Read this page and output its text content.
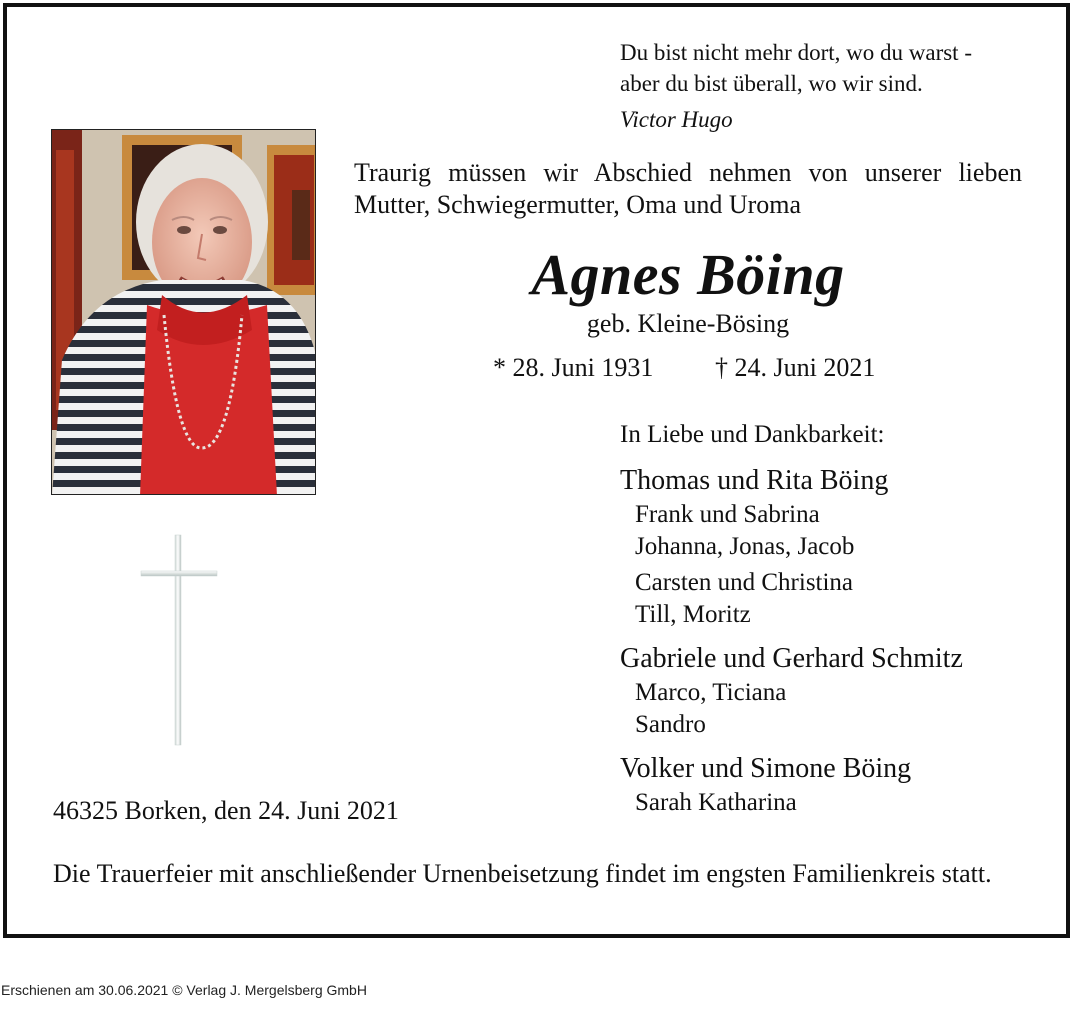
Du bist nicht mehr dort, wo du warst -
aber du bist überall, wo wir sind.
Victor Hugo
Traurig müssen wir Abschied nehmen von unserer lieben Mutter, Schwiegermutter, Oma und Uroma
Agnes Böing
geb. Kleine-Bösing
* 28. Juni 1931 † 24. Juni 2021
In Liebe und Dankbarkeit:
Thomas und Rita Böing
Frank und Sabrina
Johanna, Jonas, Jacob
Carsten und Christina
Till, Moritz
Gabriele und Gerhard Schmitz
Marco, Ticiana
Sandro
Volker und Simone Böing
Sarah Katharina
46325 Borken, den 24. Juni 2021
Die Trauerfeier mit anschließender Urnenbeisetzung findet im engsten Familienkreis statt.
Erschienen am 30.06.2021 © Verlag J. Mergelsberg GmbH
